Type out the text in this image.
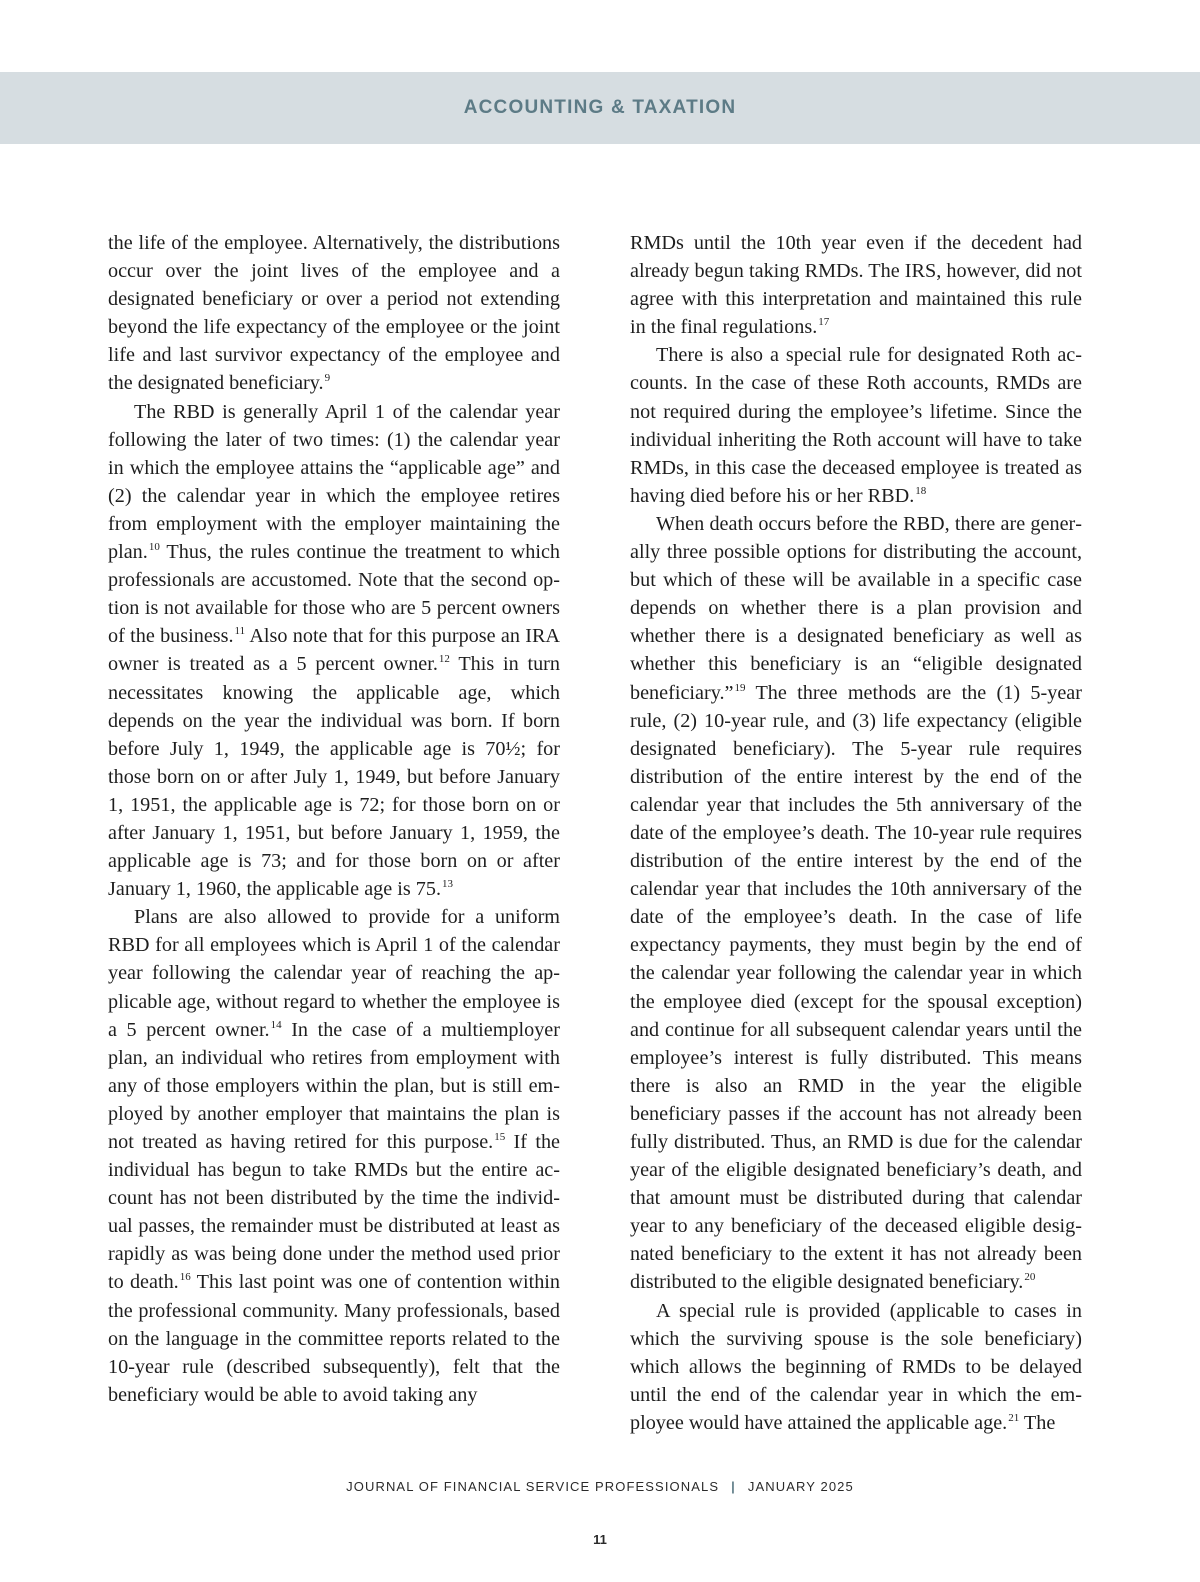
ACCOUNTING & TAXATION

the life of the employee. Alternatively, the distributions occur over the joint lives of the employee and a designated beneficiary or over a period not extending beyond the life expectancy of the employee or the joint life and last survivor expectancy of the employee and the designated beneficiary.$^9$

The RBD is generally April 1 of the calendar year following the later of two times: (1) the calendar year in which the employee attains the “applicable age” and (2) the calendar year in which the employee retires from employment with the employer maintaining the plan.$^{10}$ Thus, the rules continue the treatment to which professionals are accustomed. Note that the second option is not available for those who are 5 percent owners of the business.$^{11}$ Also note that for this purpose an IRA owner is treated as a 5 percent owner.$^{12}$ This in turn necessitates knowing the applicable age, which depends on the year the individual was born. If born before July 1, 1949, the applicable age is 70½; for those born on or after July 1, 1949, but before January 1, 1951, the applicable age is 72; for those born on or after January 1, 1951, but before January 1, 1959, the applicable age is 73; and for those born on or after January 1, 1960, the applicable age is 75.13

Plans are also allowed to provide for a uniform RBD for all employees which is April 1 of the calendar year following the calendar year of reaching the applicable age, without regard to whether the employee is a 5 percent owner.$^{14}$ In the case of a multiemployer plan, an individual who retires from employment with any of those employers within the plan, but is still employed by another employer that maintains the plan is not treated as having retired for this purpose.$^{15}$ If the individual has begun to take RMDs but the entire account has not been distributed by the time the individual passes, the remainder must be distributed at least as rapidly as was being done under the method used prior to death.$^{16}$ This last point was one of contention within the professional community. Many professionals, based on the language in the committee reports related to the 10-year rule (described subsequently), felt that the beneficiary would be able to avoid taking any

RMDs until the 10th year even if the decedent had already begun taking RMDs. The IRS, however, did not agree with this interpretation and maintained this rule in the final regulations.$^{17}$

There is also a special rule for designated Roth accounts. In the case of these Roth accounts, RMDs are not required during the employee’s lifetime. Since the individual inheriting the Roth account will have to take RMDs, in this case the deceased employee is treated as having died before his or her RBD.$^{18}$

When death occurs before the RBD, there are generally three possible options for distributing the account, but which of these will be available in a specific case depends on whether there is a plan provision and whether there is a designated beneficiary as well as whether this beneficiary is an “eligible designated beneficiary.”$^{19}$ The three methods are the (1) 5-year rule, (2) 10-year rule, and (3) life expectancy (eligible designated beneficiary). The 5-year rule requires distribution of the entire interest by the end of the calendar year that includes the 5th anniversary of the date of the employee’s death. The 10-year rule requires distribution of the entire interest by the end of the calendar year that includes the 10th anniversary of the date of the employee’s death. In the case of life expectancy payments, they must begin by the end of the calendar year following the calendar year in which the employee died (except for the spousal exception) and continue for all subsequent calendar years until the employee’s interest is fully distributed. This means there is also an RMD in the year the eligible beneficiary passes if the account has not already been fully distributed. Thus, an RMD is due for the calendar year of the eligible designated beneficiary’s death, and that amount must be distributed during that calendar year to any beneficiary of the deceased eligible designated beneficiary to the extent it has not already been distributed to the eligible designated beneficiary.$^{20}$

A special rule is provided (applicable to cases in which the surviving spouse is the sole beneficiary) which allows the beginning of RMDs to be delayed until the end of the calendar year in which the employee would have attained the applicable age.$^{21}$ The

JOURNAL OF FINANCIAL SERVICE PROFESSIONALS | JANUARY 2025
11
